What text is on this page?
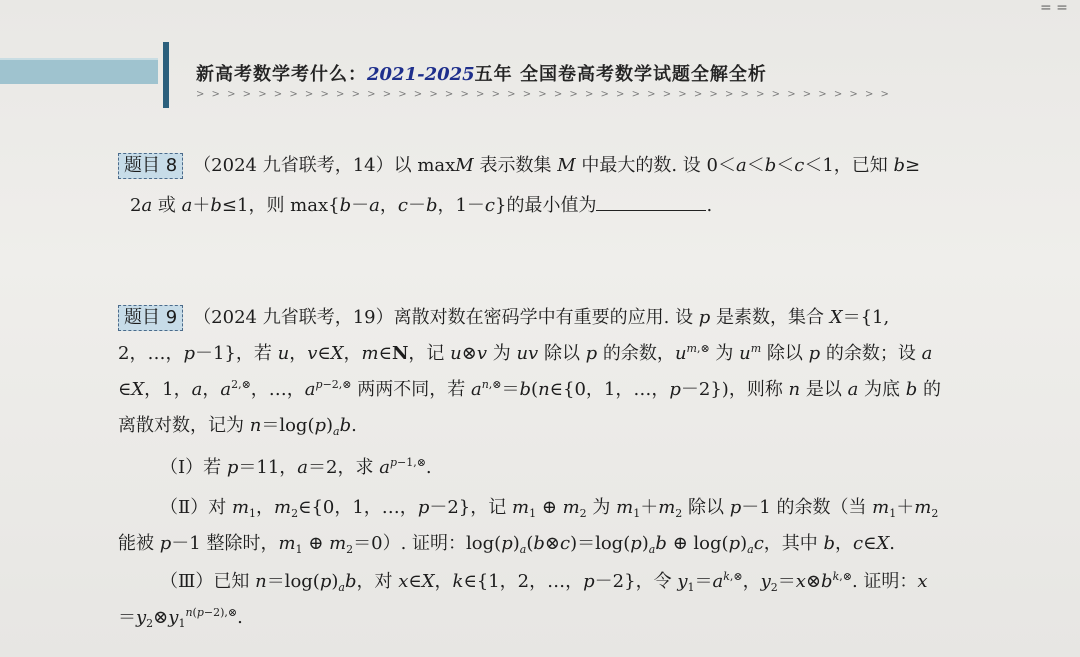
新高考数学考什么：2021-2025五年 全国卷高考数学试题全解全析
> > > > > > > > > > > > > > > > > > > > > > > > > > > > > > > > > > > > > > > > > > > > >
= =
题目 8 （2024 九省联考，14）以 maxM 表示数集 M 中最大的数. 设 0＜a＜b＜c＜1，已知 b≥
2a 或 a＋b≤1，则 max{b－a，c－b，1－c}的最小值为	.
题目 9 （2024 九省联考，19）离散对数在密码学中有重要的应用. 设 p 是素数，集合 X＝{1,
2，…，p－1}，若 u，v∈X，m∈N，记 u⊗v 为 uv 除以 p 的余数，$u^{m,\otimes}$ 为 $u^m$ 除以 p 的余数；设 a
∈X，1，a，$a^{2,\otimes}$，…，$a^{p-2,\otimes}$ 两两不同，若 $a^{n,\otimes}=b(n\in\{0$，1，…，p－2})，则称 n 是以 a 为底 b 的
离散对数，记为 $n=\log(p)_ab$.
（Ⅰ）若 p＝11，a＝2，求 $a^{p-1,\otimes}$.
（Ⅱ）对 $m_1$，$m_2\in\{0$，1，…，p－2}，记 $m_1$ ⊕ $m_2$ 为 $m_1+m_2$ 除以 p－1 的余数（当 $m_1+m_2$
能被 p－1 整除时，$m_1$ ⊕ $m_2=0$）. 证明：$\log(p)_a(b\otimes c)=\log(p)_ab$ ⊕ $\log(p)_ac$，其中 b，c∈X.
（Ⅲ）已知 $n=\log(p)_ab$，对 x∈X，k∈{1，2，…，p－2}，令 $y_1=a^{k,\otimes}$，$y_2=x\otimes b^{k,\otimes}$. 证明：x
$=y_2\otimes y_1^{n(p-2),\otimes}$.
